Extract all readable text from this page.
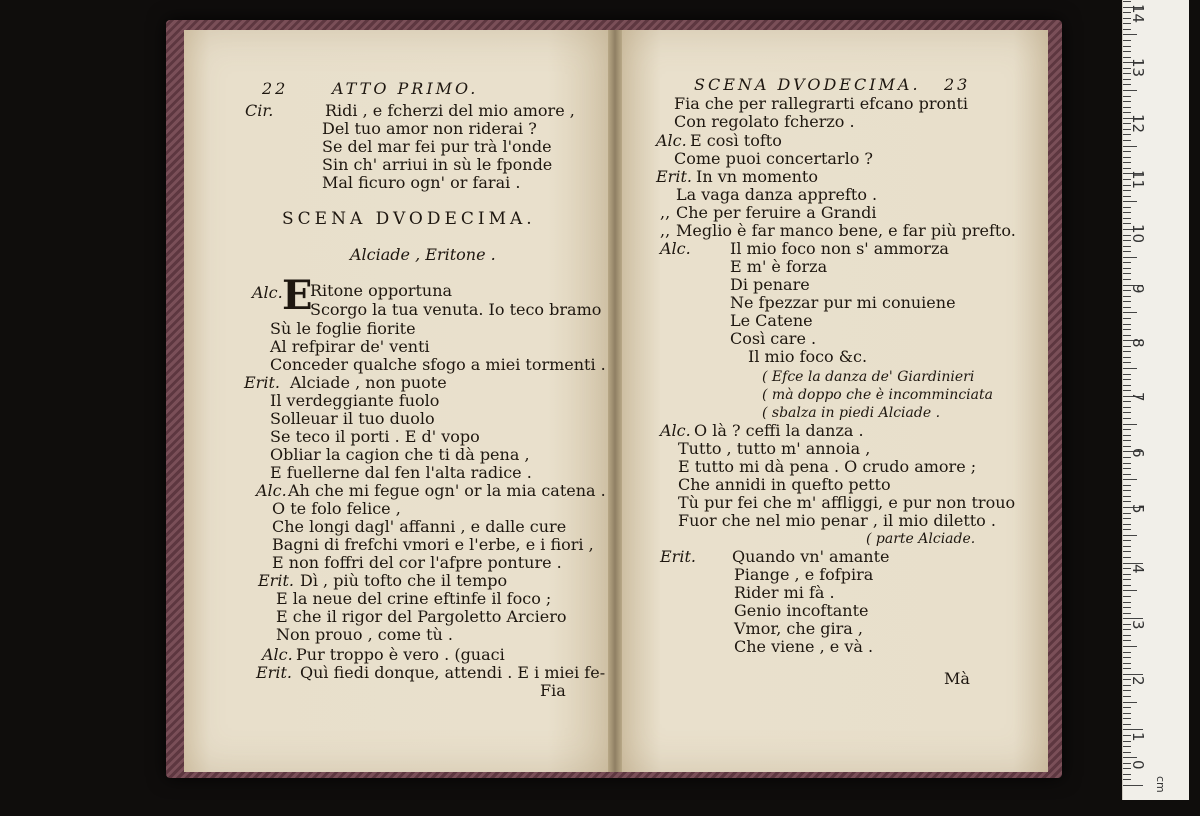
22	ATTO PRIMO.
Cir.	Ridi , e fcherzi del mio amore ,
Del tuo amor non riderai ?
Se del mar fei pur trà l'onde
Sin ch' arriui in sù le fponde
Mal ficuro ogn' or farai .
SCENA DVODECIMA.
Alciade , Eritone .
Alc. E
Ritone opportuna
Scorgo la tua venuta. Io teco bramo
Sù le foglie fiorite
Al refpirar de' venti
Conceder qualche sfogo a miei tormenti .
Erit. Alciade , non puote
Il verdeggiante fuolo
Solleuar il tuo duolo
Se teco il porti . E d' vopo
Obliar la cagion che ti dà pena ,
E fuellerne dal fen l'alta radice .
Alc. Ah che mi fegue ogn' or la mia catena .
O te folo felice ,
Che longi dagl' affanni , e dalle cure
Bagni di frefchi vmori e l'erbe, e i fiori ,
E non foffri del cor l'afpre ponture .
Erit. Dì , più tofto che il tempo
E la neue del crine eftinfe il foco ;
E che il rigor del Pargoletto Arciero
Non prouo , come tù .
Alc. Pur troppo è vero . (guaci
Erit. Quì fiedi donque, attendi . E i miei fe-
Fia
SCENA DVODECIMA. 23
Fia che per rallegrarti efcano pronti
Con regolato fcherzo .
Alc. E così tofto
Come puoi concertarlo ?
Erit. In vn momento
La vaga danza apprefto .
,, Che per feruire a Grandi
,, Meglio è far manco bene, e far più prefto.
Alc. Il mio foco non s' ammorza
E m' è forza
Di penare
Ne fpezzar pur mi conuiene
Le Catene
Così care .
Il mio foco &c.
( Efce la danza de' Giardinieri
( mà doppo che è incomminciata
( sbalza in piedi Alciade .
Alc. O là ? ceffi la danza .
Tutto , tutto m' annoia ,
E tutto mi dà pena . O crudo amore ;
Che annidi in quefto petto
Tù pur fei che m' affliggi, e pur non trouo
Fuor che nel mio penar , il mio diletto .
( parte Alciade.
Erit. Quando vn' amante
Piange , e fofpira
Rider mi fà .
Genio incoftante
Vmor, che gira ,
Che viene , e và .
Mà
0
1
2
3
4
5
6
7
8
9
10
11
12
13
14
cm
